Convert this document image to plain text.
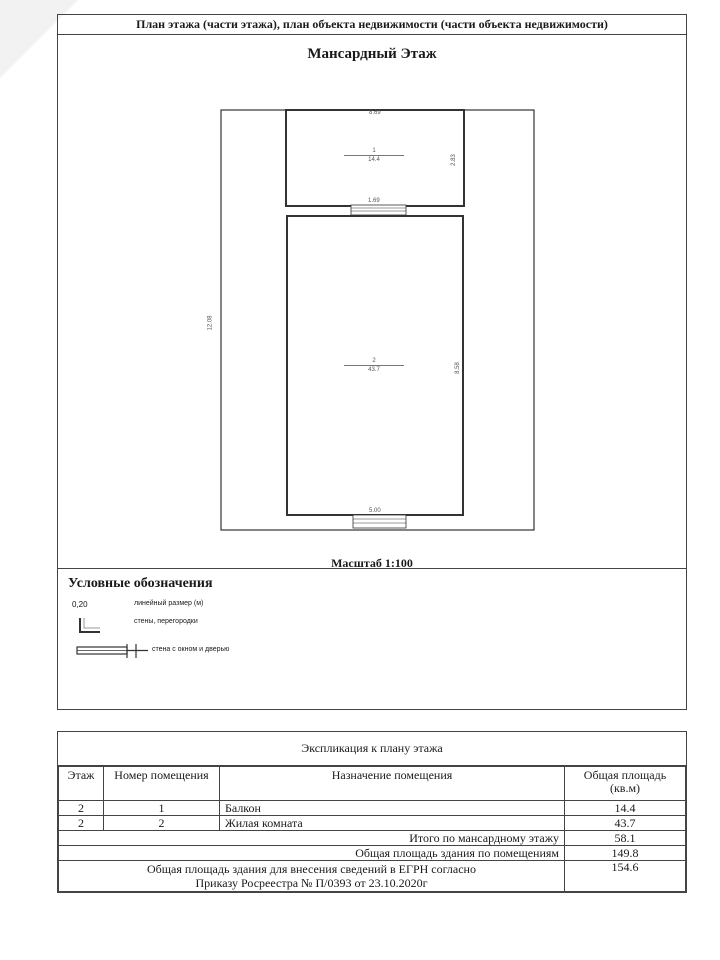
План этажа (части этажа), план объекта недвижимости (части объекта недвижимости)
Мансардный Этаж
8.69
2.83
1.69
12.08
8.58
5.00
1
14.4
2
43.7
Масштаб 1:100
Условные обозначения
0,20	линейный размер (м)
стены, перегородки
стена с окном и дверью
Экспликация к плану этажа
Этаж	Номер помещения	Назначение помещения	Общая площадь (кв.м)
2	1	Балкон	14.4
2	2	Жилая комната	43.7
Итого по мансардному этажу			58.1
Общая площадь здания по помещениям			149.8
Общая площадь здания для внесения сведений в ЕГРН согласно
Приказу Росреестра № П/0393 от 23.10.2020г			154.6
